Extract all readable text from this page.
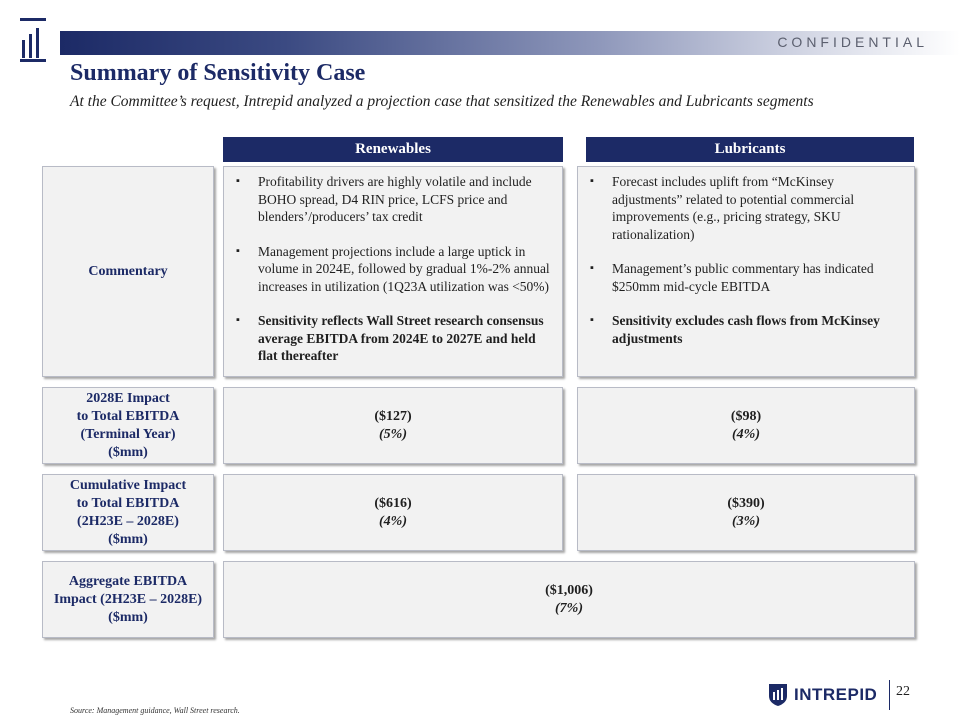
CONFIDENTIAL
Summary of Sensitivity Case
At the Committee’s request, Intrepid analyzed a projection case that sensitized the Renewables and Lubricants segments
Renewables	Lubricants
Commentary
▪ Profitability drivers are highly volatile and include BOHO spread, D4 RIN price, LCFS price and blenders’/producers’ tax credit
▪ Management projections include a large uptick in volume in 2024E, followed by gradual 1%-2% annual increases in utilization (1Q23A utilization was <50%)
▪ Sensitivity reflects Wall Street research consensus average EBITDA from 2024E to 2027E and held flat thereafter
▪ Forecast includes uplift from “McKinsey adjustments” related to potential commercial improvements (e.g., pricing strategy, SKU rationalization)
▪ Management’s public commentary has indicated $250mm mid-cycle EBITDA
▪ Sensitivity excludes cash flows from McKinsey adjustments
2028E Impact
to Total EBITDA
(Terminal Year)
($mm)
($127)
(5%)
($98)
(4%)
Cumulative Impact
to Total EBITDA
(2H23E – 2028E)
($mm)
($616)
(4%)
($390)
(3%)
Aggregate EBITDA
Impact (2H23E – 2028E)
($mm)
($1,006)
(7%)
INTREPID 22
Source: Management guidance, Wall Street research.
